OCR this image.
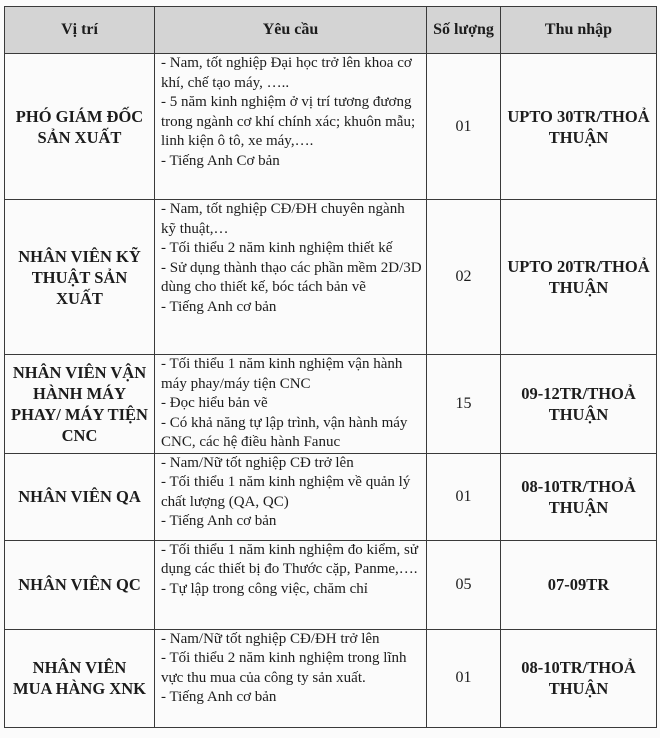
Vị trí	Yêu cầu	Số lượng	Thu nhập
PHÓ GIÁM ĐỐC SẢN XUẤT	- Nam, tốt nghiệp Đại học trở lên khoa cơ khí, chế tạo máy, …..
- 5 năm kinh nghiệm ở vị trí tương đương trong ngành cơ khí chính xác; khuôn mẫu; linh kiện ô tô, xe máy,….
- Tiếng Anh Cơ bản	01	UPTO 30TR/THOẢ THUẬN
NHÂN VIÊN KỸ THUẬT SẢN XUẤT	- Nam, tốt nghiệp CĐ/ĐH chuyên ngành kỹ thuật,…
- Tối thiểu 2 năm kinh nghiệm thiết kế
- Sử dụng thành thạo các phần mềm 2D/3D dùng cho thiết kế, bóc tách bản vẽ
- Tiếng Anh cơ bản	02	UPTO 20TR/THOẢ THUẬN
NHÂN VIÊN VẬN HÀNH MÁY PHAY/ MÁY TIỆN CNC	- Tối thiểu 1 năm kinh nghiệm vận hành máy phay/máy tiện CNC
- Đọc hiểu bản vẽ
- Có khả năng tự lập trình, vận hành máy CNC, các hệ điều hành Fanuc	15	09-12TR/THOẢ THUẬN
NHÂN VIÊN QA	- Nam/Nữ tốt nghiệp CĐ trở lên
- Tối thiểu 1 năm kinh nghiệm về quản lý chất lượng (QA, QC)
- Tiếng Anh cơ bản	01	08-10TR/THOẢ THUẬN
NHÂN VIÊN QC	- Tối thiểu 1 năm kinh nghiệm đo kiểm, sử dụng các thiết bị đo Thước cặp, Panme,….
- Tự lập trong công việc, chăm chỉ	05	07-09TR
NHÂN VIÊN MUA HÀNG XNK	- Nam/Nữ tốt nghiệp CĐ/ĐH trở lên
- Tối thiểu 2 năm kinh nghiệm trong lĩnh vực thu mua của công ty sản xuất.
- Tiếng Anh cơ bản	01	08-10TR/THOẢ THUẬN
